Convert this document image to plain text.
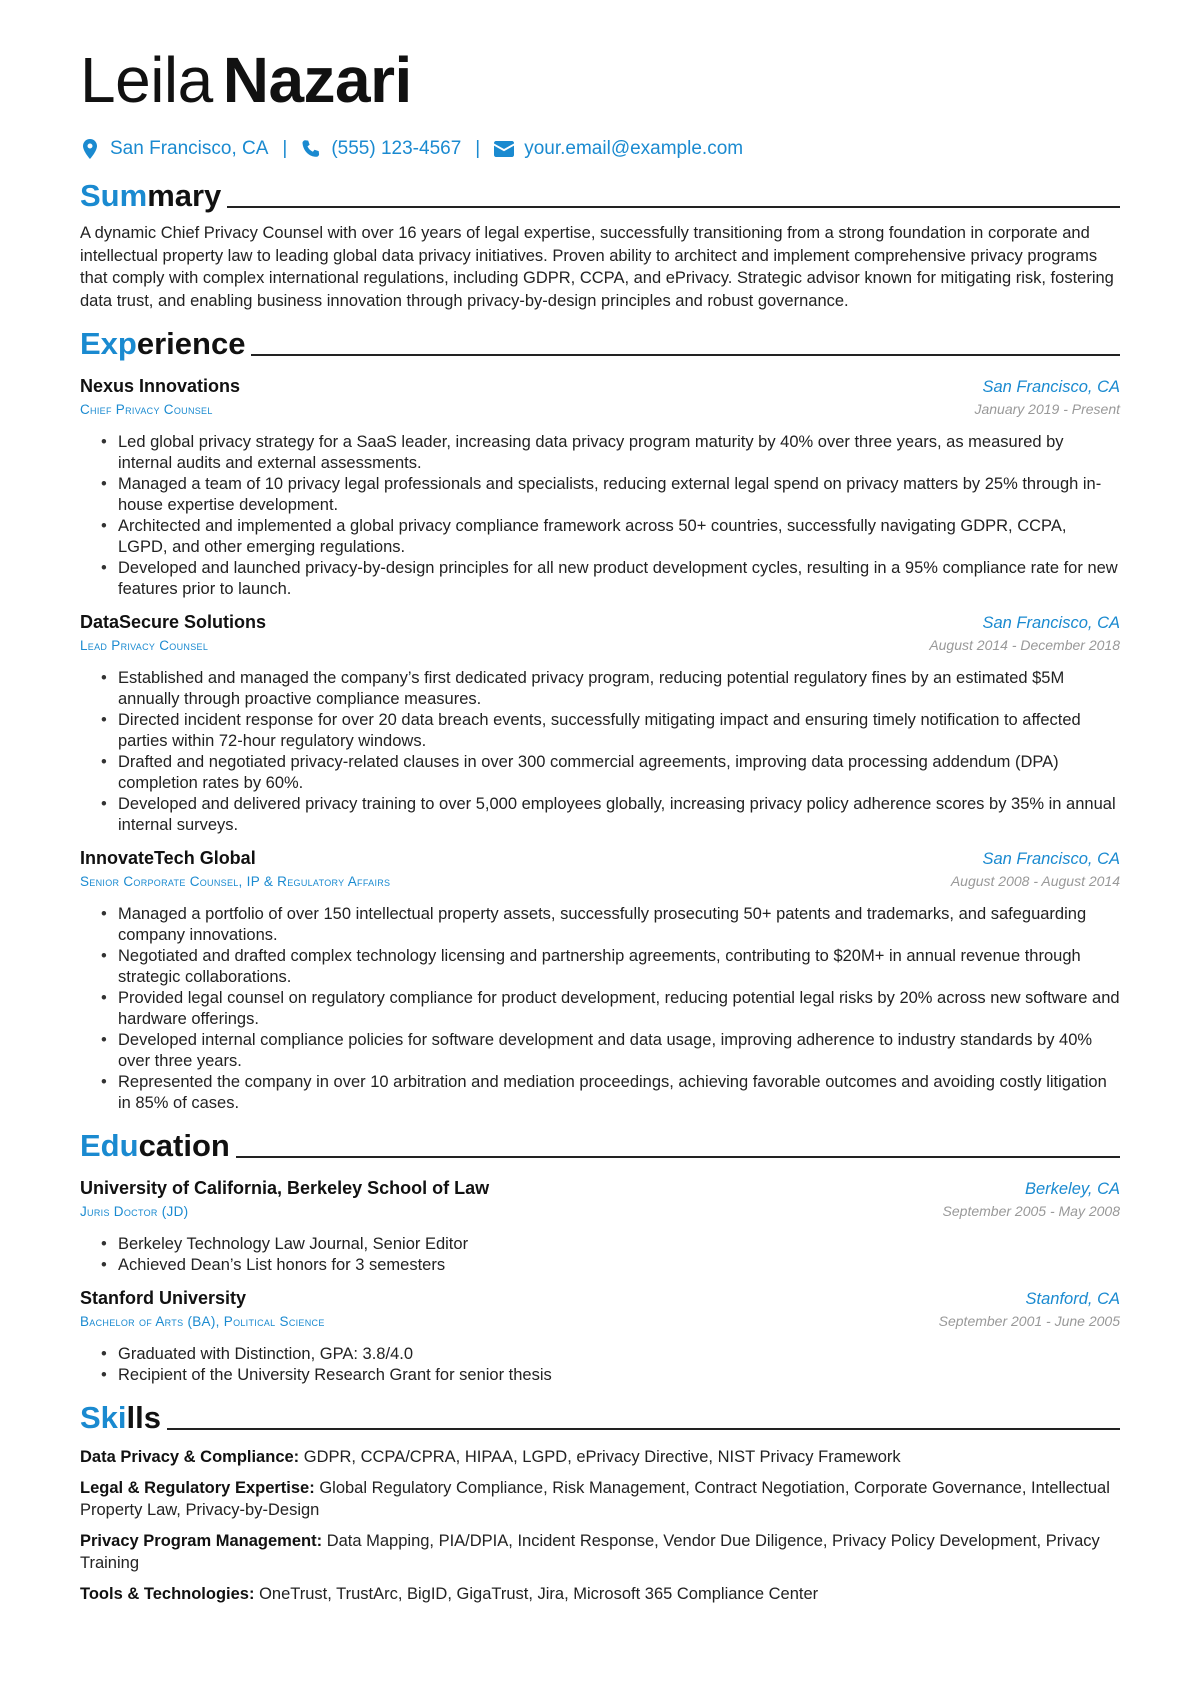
Leila Nazari
San Francisco, CA | (555) 123-4567 | your.email@example.com
Summary
A dynamic Chief Privacy Counsel with over 16 years of legal expertise, successfully transitioning from a strong foundation in corporate and intellectual property law to leading global data privacy initiatives. Proven ability to architect and implement comprehensive privacy programs that comply with complex international regulations, including GDPR, CCPA, and ePrivacy. Strategic advisor known for mitigating risk, fostering data trust, and enabling business innovation through privacy-by-design principles and robust governance.
Experience
Nexus Innovations	San Francisco, CA
Chief Privacy Counsel	January 2019 - Present
• Led global privacy strategy for a SaaS leader, increasing data privacy program maturity by 40% over three years, as measured by internal audits and external assessments.
• Managed a team of 10 privacy legal professionals and specialists, reducing external legal spend on privacy matters by 25% through in-house expertise development.
• Architected and implemented a global privacy compliance framework across 50+ countries, successfully navigating GDPR, CCPA, LGPD, and other emerging regulations.
• Developed and launched privacy-by-design principles for all new product development cycles, resulting in a 95% compliance rate for new features prior to launch.
DataSecure Solutions	San Francisco, CA
Lead Privacy Counsel	August 2014 - December 2018
• Established and managed the company’s first dedicated privacy program, reducing potential regulatory fines by an estimated $5M annually through proactive compliance measures.
• Directed incident response for over 20 data breach events, successfully mitigating impact and ensuring timely notification to affected parties within 72-hour regulatory windows.
• Drafted and negotiated privacy-related clauses in over 300 commercial agreements, improving data processing addendum (DPA) completion rates by 60%.
• Developed and delivered privacy training to over 5,000 employees globally, increasing privacy policy adherence scores by 35% in annual internal surveys.
InnovateTech Global	San Francisco, CA
Senior Corporate Counsel, IP & Regulatory Affairs	August 2008 - August 2014
• Managed a portfolio of over 150 intellectual property assets, successfully prosecuting 50+ patents and trademarks, and safeguarding company innovations.
• Negotiated and drafted complex technology licensing and partnership agreements, contributing to $20M+ in annual revenue through strategic collaborations.
• Provided legal counsel on regulatory compliance for product development, reducing potential legal risks by 20% across new software and hardware offerings.
• Developed internal compliance policies for software development and data usage, improving adherence to industry standards by 40% over three years.
• Represented the company in over 10 arbitration and mediation proceedings, achieving favorable outcomes and avoiding costly litigation in 85% of cases.
Education
University of California, Berkeley School of Law	Berkeley, CA
Juris Doctor (JD)	September 2005 - May 2008
• Berkeley Technology Law Journal, Senior Editor
• Achieved Dean’s List honors for 3 semesters
Stanford University	Stanford, CA
Bachelor of Arts (BA), Political Science	September 2001 - June 2005
• Graduated with Distinction, GPA: 3.8/4.0
• Recipient of the University Research Grant for senior thesis
Skills
Data Privacy & Compliance: GDPR, CCPA/CPRA, HIPAA, LGPD, ePrivacy Directive, NIST Privacy Framework
Legal & Regulatory Expertise: Global Regulatory Compliance, Risk Management, Contract Negotiation, Corporate Governance, Intellectual Property Law, Privacy-by-Design
Privacy Program Management: Data Mapping, PIA/DPIA, Incident Response, Vendor Due Diligence, Privacy Policy Development, Privacy Training
Tools & Technologies: OneTrust, TrustArc, BigID, GigaTrust, Jira, Microsoft 365 Compliance Center
